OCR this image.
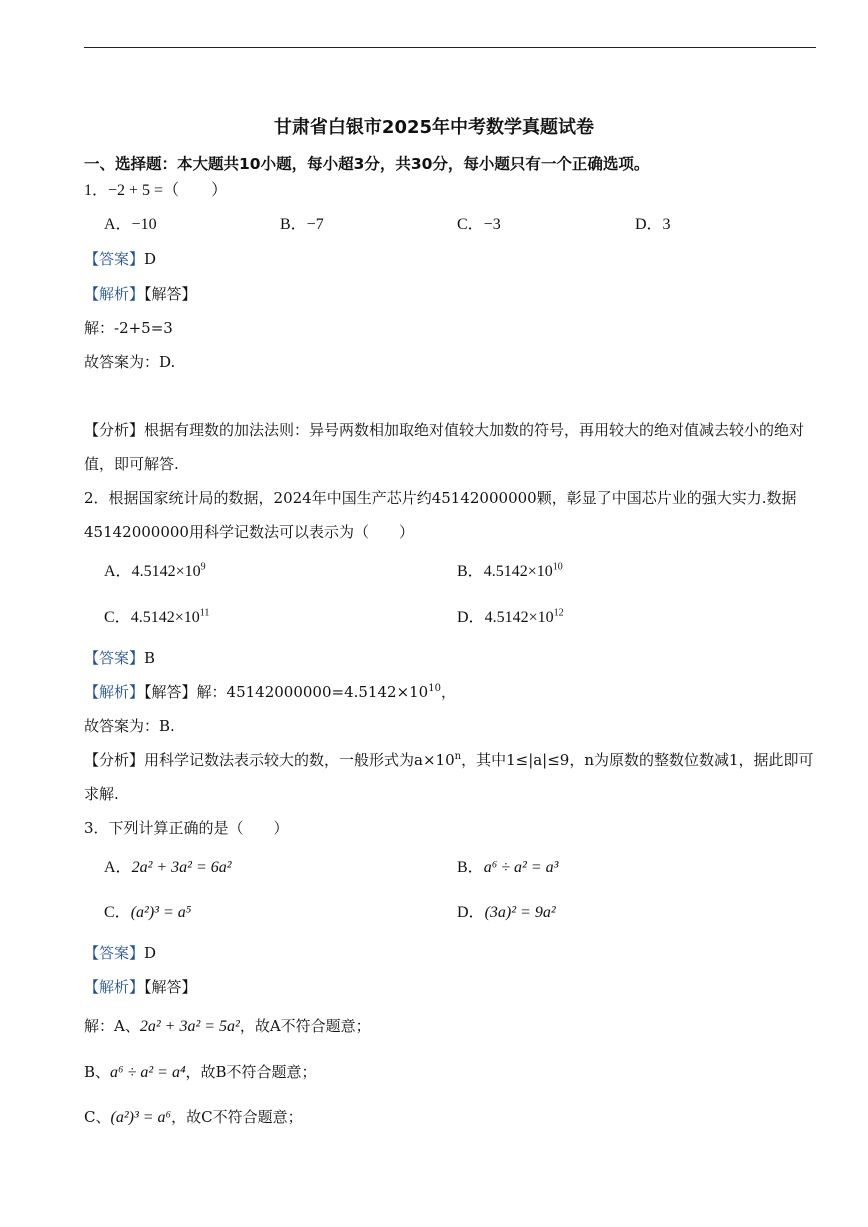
甘肃省白银市2025年中考数学真题试卷
一、选择题：本大题共10小题，每小超3分，共30分，每小题只有一个正确选项。
1．−2 + 5 =（　　）
A．−10	B．−7	C．−3	D．3
【答案】D
【解析】【解答】
解：-2+5=3
故答案为：D.
【分析】根据有理数的加法法则：异号两数相加取绝对值较大加数的符号，再用较大的绝对值减去较小的绝对值，即可解答.
2．根据国家统计局的数据，2024年中国生产芯片约45142000000颗，彰显了中国芯片业的强大实力.数据45142000000用科学记数法可以表示为（　　）
A．$4.5142\times 10^9$	B．$4.5142\times 10^{10}$
C．$4.5142\times 10^{11}$	D．$4.5142\times 10^{12}$
【答案】B
【解析】【解答】解：$45142000000=4.5142\times 10^{10}$，
故答案为：B.
【分析】用科学记数法表示较大的数，一般形式为$a\times 10^n$，其中1≤|a|≤9，n为原数的整数位数减1，据此即可求解.
3．下列计算正确的是（　　）
A．2a² + 3a² = 6a²	B．a⁶ ÷ a² = a³
C．(a²)³ = a⁵	D．(3a)² = 9a²
【答案】D
【解析】【解答】
解：A、2a² + 3a² = 5a²，故A不符合题意；
B、a⁶ ÷ a² = a⁴，故B不符合题意；
C、(a²)³ = a⁶，故C不符合题意；
